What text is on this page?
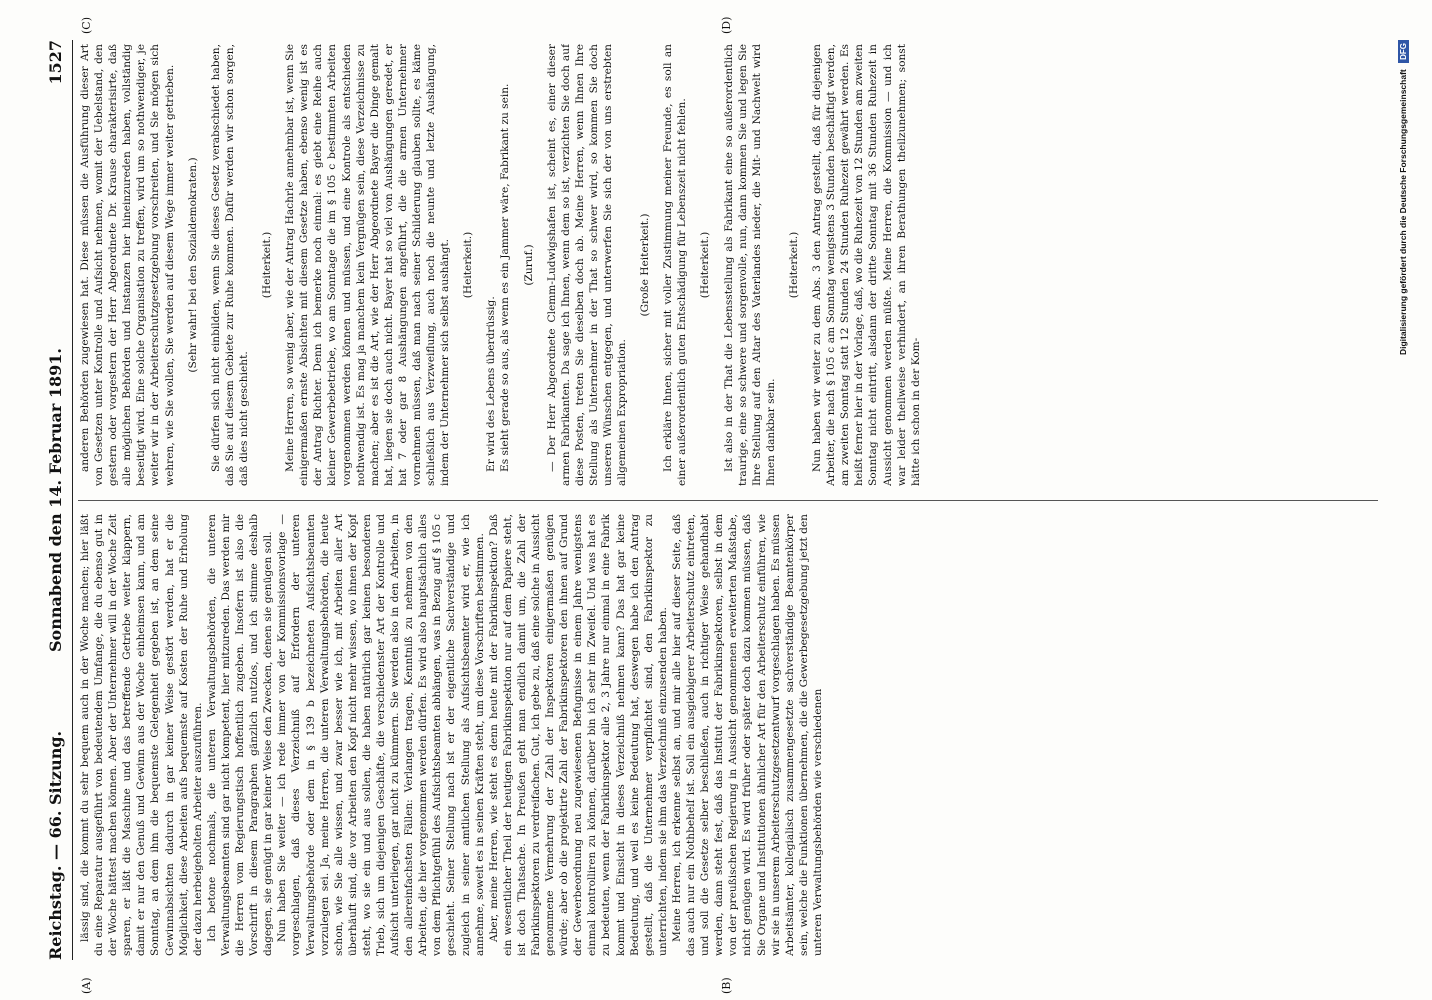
Reichstag. — 66. Sitzung.
Sonnabend den 14. Februar 1891.
1527
(A)	(B)
(C)	(D)

lässig sind, die kommt du sehr bequem auch in der Woche machen; hier läßt du eine Reparatur ausgeführt von bedeutendem Umfange, die du ebenso gut in der Woche hättest machen können. Aber der Unternehmer will in der Woche Zeit sparen, er läßt die Maschine und das betreffende Getriebe weiter klappern, damit er nur den Genuß und Gewinn aus der Woche einheimsen kann, und am Sonntag, an dem ihm die bequemste Gelegenheit gegeben ist, an dem seine Gewinnabsichten dadurch in gar keiner Weise gestört werden, hat er die Möglichkeit, diese Arbeiten aufs bequemste auf Kosten der Ruhe und Erholung der dazu herbeigeholten Arbeiter auszuführen. Ich betone nochmals, die unteren Verwaltungsbehörden, die unteren Verwaltungsbeamten sind gar nicht kompetent, hier mitzureden. Das werden mir die Herren vom Regierungstisch hoffentlich zugeben. Insofern ist also die Vorschrift in diesem Paragraphen gänzlich nutzlos, und ich stimme deshalb dagegen, sie genügt in gar keiner Weise den Zwecken, denen sie genügen soll. Nun haben Sie weiter — ich rede immer von der Kommissionsvorlage — vorgeschlagen, daß dieses Verzeichniß auf Erfordern der unteren Verwaltungsbehörde oder dem in § 139 b bezeichneten Aufsichtsbeamten vorzulegen sei. Ja, meine Herren, die unteren Verwaltungsbehörden, die heute schon, wie Sie alle wissen, und zwar besser wie ich, mit Arbeiten aller Art überhäuft sind, die vor Arbeiten den Kopf nicht mehr wissen, wo ihnen der Kopf steht, wo sie ein und aus sollen, die haben natürlich gar keinen besonderen Trieb, sich um diejenigen Geschäfte, die verschiedenster Art der Kontrolle und Aufsicht unterliegen, gar nicht zu kümmern. Sie werden also in den Arbeiten, in den allereinfachsten Fällen: Verlangen tragen, Kenntniß zu nehmen von den Arbeiten, die hier vorgenommen werden dürfen. Es wird also hauptsächlich alles von dem Pflichtgefühl des Aufsichtsbeamten abhängen, was in Bezug auf § 105 c geschieht. Seiner Stellung nach ist er der eigentliche Sachverständige und zugleich in seiner amtlichen Stellung als Aufsichtsbeamter wird er, wie ich annehme, soweit es in seinen Kräften steht, um diese Vorschriften bestimmen. Aber, meine Herren, wie steht es denn heute mit der Fabrikinspektion? Daß ein wesentlicher Theil der heutigen Fabrikinspektion nur auf dem Papiere steht, ist doch Thatsache. In Preußen geht man endlich damit um, die Zahl der Fabrikinspektoren zu verdreifachen. Gut, ich gebe zu, daß eine solche in Aussicht genommene Vermehrung der Zahl der Inspektoren einigermaßen genügen würde; aber ob die projektirte Zahl der Fabrikinspektoren den ihnen auf Grund der Gewerbeordnung neu zugewiesenen Befugnisse in einem Jahre wenigstens einmal kontrolliren zu können, darüber bin ich sehr im Zweifel. Und was hat es zu bedeuten, wenn der Fabrikinspektor alle 2, 3 Jahre nur einmal in eine Fabrik kommt und Einsicht in dieses Verzeichniß nehmen kann? Das hat gar keine Bedeutung, und weil es keine Bedeutung hat, deswegen habe ich den Antrag gestellt, daß die Unternehmer verpflichtet sind, den Fabrikinspektor zu unterrichten, indem sie ihm das Verzeichniß einzusenden haben. Meine Herren, ich erkenne selbst an, und mir alle hier auf dieser Seite, daß das auch nur ein Nothbehelf ist. Soll ein ausgiebigerer Arbeiterschutz eintreten, und soll die Gesetze selber beschließen, auch in richtiger Weise gehandhabt werden, dann steht fest, daß das Institut der Fabrikinspektoren, selbst in dem von der preußischen Regierung in Aussicht genommenen erweiterten Maßstabe, nicht genügen wird. Es wird früher oder später doch dazu kommen müssen, daß Sie Organe und Institutionen ähnlicher Art für den Arbeiterschutz einführen, wie wir sie in unserem Arbeiterschutzgesetzentwurf vorgeschlagen haben. Es müssen Arbeitsämter, kollegialisch zusammengesetzte sachverständige Beamtenkörper sein, welche die Funktionen übernehmen, die die Gewerbegesetzgebung jetzt den unteren Verwaltungsbehörden wie verschiedenen

anderen Behörden zugewiesen hat. Diese müssen die Ausführung dieser Art von Gesetzen unter Kontrolle und Aufsicht nehmen, womit der Uebelstand, den gestern oder vorgestern der Herr Abgeordnete Dr. Krause charakterisirte, daß alle möglichen Behörden und Instanzen hier hineinzureden haben, vollständig beseitigt wird. Eine solche Organisation zu treffen, wird um so nothwendiger, je weiter wir in der Arbeiterschutzgesetzgebung vorschreiten, und Sie mögen sich wehren, wie Sie wollen, Sie werden auf diesem Wege immer weiter getrieben. (Sehr wahr! bei den Sozialdemokraten.) Sie dürfen sich nicht einbilden, wenn Sie dieses Gesetz verabschiedet haben, daß Sie auf diesem Gebiete zur Ruhe kommen. Dafür werden wir schon sorgen, daß dies nicht geschieht.

(Heiterkeit.) Meine Herren, so wenig aber, wie der Antrag Hachrle annehmbar ist, wenn Sie einigermaßen ernste Absichten mit diesem Gesetze haben, ebenso wenig ist es der Antrag Richter. Denn ich bemerke noch einmal: es giebt eine Reihe auch kleiner Gewerbebetriebe, wo am Sonntage die im § 105 c bestimmten Arbeiten vorgenommen werden können und müssen, und eine Kontrole als entschieden nothwendig ist. Es mag ja manchem kein Vergnügen sein, diese Verzeichnisse zu machen; aber es ist die Art, wie der Herr Abgeordnete Bayer die Dinge gemalt hat, liegen sie doch auch nicht. Bayer hat so viel von Aushängungen geredet, er hat 7 oder gar 8 Aushängungen angeführt, die die armen Unternehmer vornehmen müssen, daß man nach seiner Schilderung glauben sollte, es käme schließlich aus Verzweiflung, auch noch die neunte und letzte Aushängung, indem der Unternehmer sich selbst aushängt. (Heiterkeit.)

Er wird des Lebens überdrüssig. Es sieht gerade so aus, als wenn es ein Jammer wäre, Fabrikant zu sein. (Zuruf.) — Der Herr Abgeordnete Clemm-Ludwigshafen ist, scheint es, einer dieser armen Fabrikanten. Da sage ich Ihnen, wenn dem so ist, verzichten Sie doch auf diese Posten, treten Sie dieselben doch ab. Meine Herren, wenn Ihnen Ihre Stellung als Unternehmer in der That so schwer wird, so kommen Sie doch unseren Wünschen entgegen, und unterwerfen Sie sich der von uns erstrebten allgemeinen Expropriation.

(Große Heiterkeit.) Ich erkläre Ihnen, sicher mit voller Zustimmung meiner Freunde, es soll an einer außerordentlich guten Entschädigung für Lebenszeit nicht fehlen. (Heiterkeit.) Ist also in der That die Lebensstellung als Fabrikant eine so außerordentlich traurige, eine so schwere und sorgenvolle, nun, dann kommen Sie und legen Sie Ihre Stellung auf den Altar des Vaterlandes nieder, die Mit- und Nachwelt wird Ihnen dankbar sein.

(Heiterkeit.) Nun haben wir weiter zu dem Abs. 3 den Antrag gestellt, daß für diejenigen Arbeiter, die nach § 105 c am Sonntag wenigstens 3 Stunden beschäftigt werden, am zweiten Sonntag statt 12 Stunden 24 Stunden Ruhezeit gewährt werden. Es heißt ferner hier in der Vorlage, daß, wo die Ruhezeit von 12 Stunden am zweiten Sonntag nicht eintritt, alsdann der dritte Sonntag mit 36 Stunden Ruhezeit in Aussicht genommen werden müßte. Meine Herren, die Kommission — und ich war leider theilweise verhindert, an ihren Berathungen theilzunehmen; sonst hätte ich schon in der Kom-

Digitalisierung gefördert durch die Deutsche Forschungsgemeinschaft DFG
